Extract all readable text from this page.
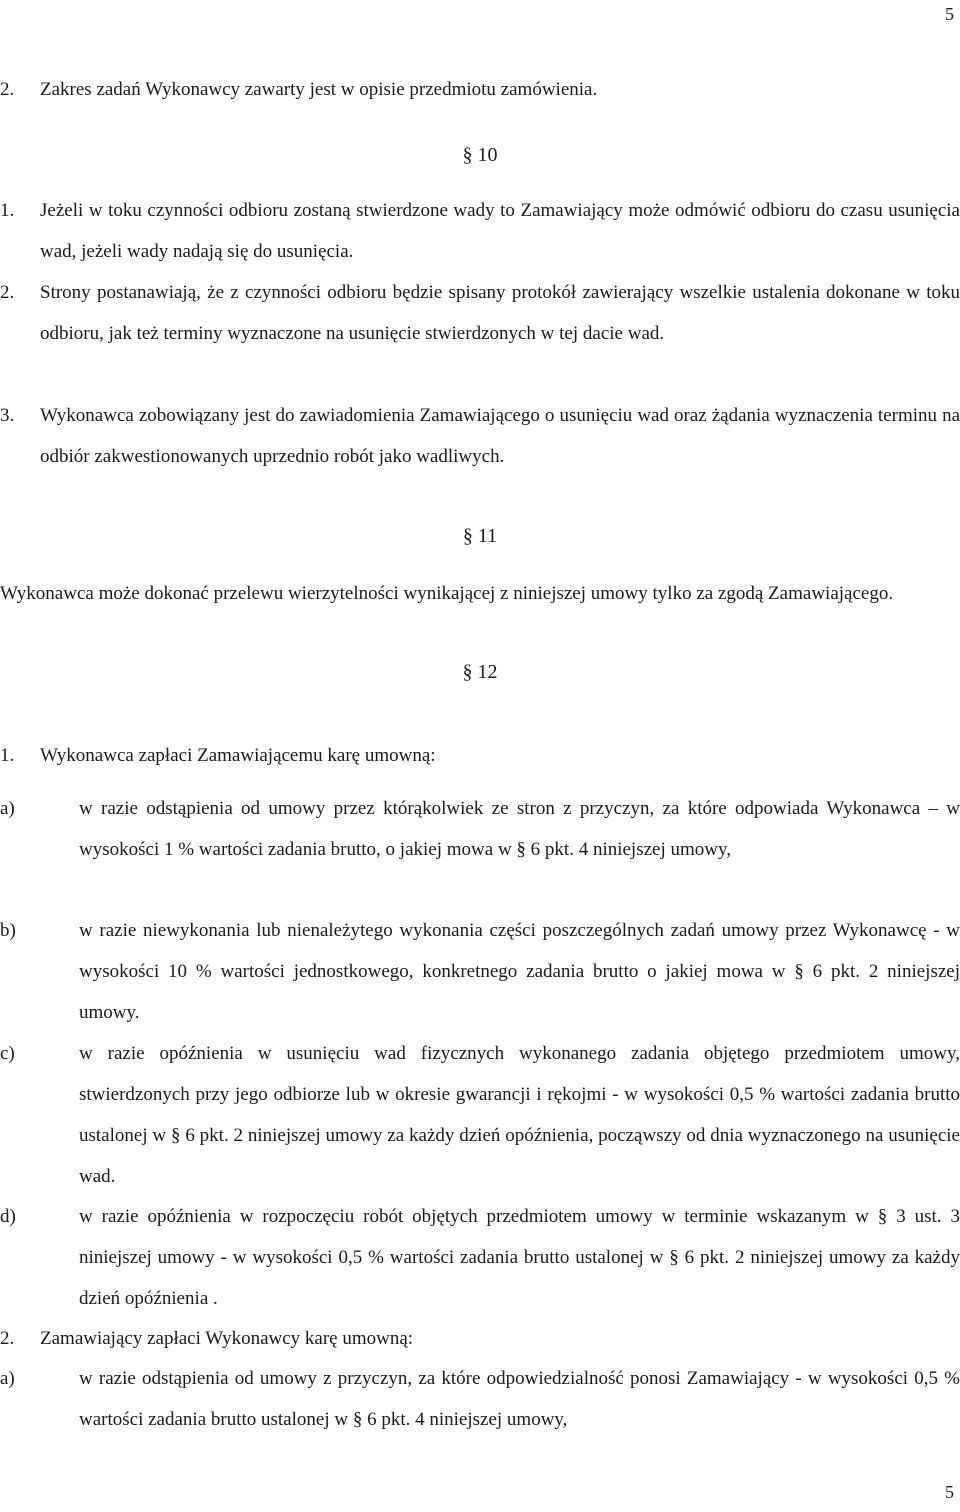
5
2. Zakres zadań Wykonawcy zawarty jest w opisie przedmiotu zamówienia.

§ 10
1. Jeżeli w toku czynności odbioru zostaną stwierdzone wady to Zamawiający może odmówić odbioru do czasu usunięcia wad, jeżeli wady nadają się do usunięcia.

2. Strony postanawiają, że z czynności odbioru będzie spisany protokół zawierający wszelkie ustalenia dokonane w toku odbioru, jak też terminy wyznaczone na usunięcie stwierdzonych w tej dacie wad.

3. Wykonawca zobowiązany jest do zawiadomienia Zamawiającego o usunięciu wad oraz żądania wyznaczenia terminu na odbiór zakwestionowanych uprzednio robót jako wadliwych.

§ 11

Wykonawca może dokonać przelewu wierzytelności wynikającej z niniejszej umowy tylko za zgodą Zamawiającego.

§ 12
1. Wykonawca zapłaci Zamawiającemu karę umowną:

a)	w razie odstąpienia od umowy przez którąkolwiek ze stron z przyczyn, za które odpowiada Wykonawca – w wysokości 1 % wartości zadania brutto, o jakiej mowa w § 6 pkt. 4 niniejszej umowy,

b)	w razie niewykonania lub nienależytego wykonania części poszczególnych zadań umowy przez Wykonawcę - w wysokości 10 % wartości jednostkowego, konkretnego zadania brutto o jakiej mowa w § 6 pkt. 2 niniejszej umowy.

c)	w razie opóźnienia w usunięciu wad fizycznych wykonanego zadania objętego przedmiotem umowy, stwierdzonych przy jego odbiorze lub w okresie gwarancji i rękojmi - w wysokości 0,5 % wartości zadania brutto ustalonej w § 6 pkt. 2 niniejszej umowy za każdy dzień opóźnienia, począwszy od dnia wyznaczonego na usunięcie wad.

d)	w razie opóźnienia w rozpoczęciu robót objętych przedmiotem umowy w terminie wskazanym w § 3 ust. 3 niniejszej umowy - w wysokości 0,5 % wartości zadania brutto ustalonej w § 6 pkt. 2 niniejszej umowy za każdy dzień opóźnienia .

2. Zamawiający zapłaci Wykonawcy karę umowną:

a)	w razie odstąpienia od umowy z przyczyn, za które odpowiedzialność ponosi Zamawiający - w wysokości 0,5 % wartości zadania brutto ustalonej w § 6 pkt. 4 niniejszej umowy,

5
